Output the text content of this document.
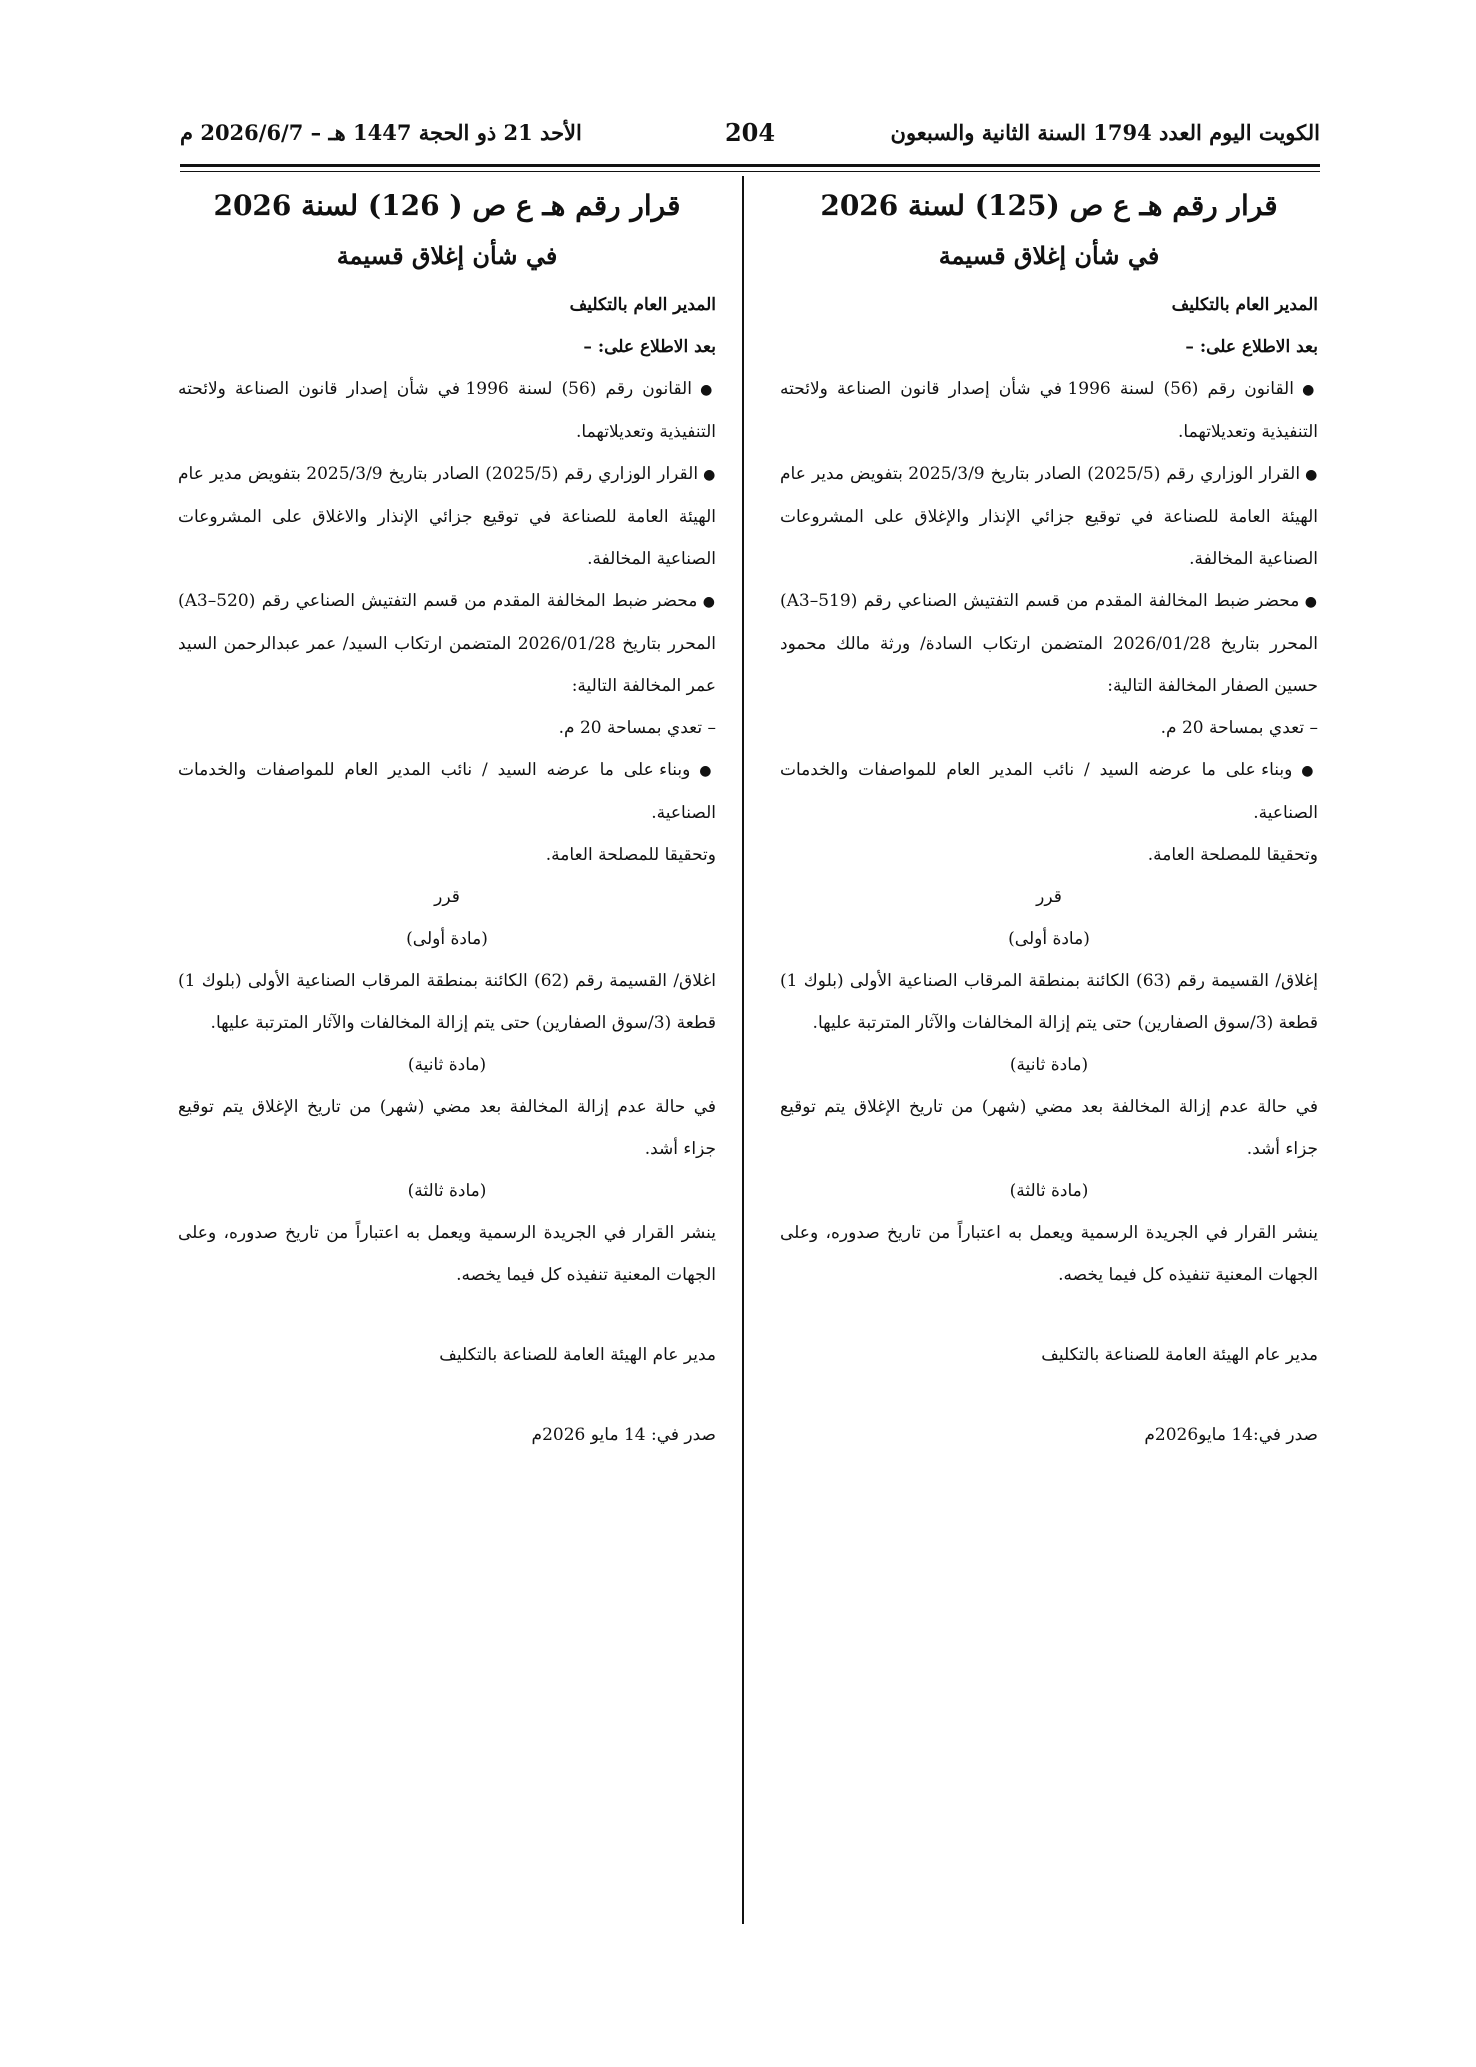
الكويت اليوم العدد 1794 السنة الثانية والسبعون
204
الأحد 21 ذو الحجة 1447 هـ – 2026/6/7 م
قرار رقم هـ ع ص (125) لسنة 2026
في شأن إغلاق قسيمة
المدير العام بالتكليف
بعد الاطلاع على: –
● القانون رقم (56) لسنة 1996 في شأن إصدار قانون الصناعة ولائحته التنفيذية وتعديلاتهما.
● القرار الوزاري رقم (2025/5) الصادر بتاريخ 2025/3/9 بتفويض مدير عام الهيئة العامة للصناعة في توقيع جزائي الإنذار والإغلاق على المشروعات الصناعية المخالفة.
● محضر ضبط المخالفة المقدم من قسم التفتيش الصناعي رقم (A3–519) المحرر بتاريخ 2026/01/28 المتضمن ارتكاب السادة/ ورثة مالك محمود حسين الصفار المخالفة التالية:
– تعدي بمساحة 20 م.
● وبناء على ما عرضه السيد / نائب المدير العام للمواصفات والخدمات الصناعية.
وتحقيقا للمصلحة العامة.
قرر
(مادة أولى)
إغلاق/ القسيمة رقم (63) الكائنة بمنطقة المرقاب الصناعية الأولى (بلوك 1) قطعة (3/سوق الصفارين) حتى يتم إزالة المخالفات والآثار المترتبة عليها.
(مادة ثانية)
في حالة عدم إزالة المخالفة بعد مضي (شهر) من تاريخ الإغلاق يتم توقيع جزاء أشد.
(مادة ثالثة)
ينشر القرار في الجريدة الرسمية ويعمل به اعتباراً من تاريخ صدوره، وعلى الجهات المعنية تنفيذه كل فيما يخصه.
مدير عام الهيئة العامة للصناعة بالتكليف
صدر في:14 مايو2026م
قرار رقم هـ ع ص ( 126) لسنة 2026
في شأن إغلاق قسيمة
المدير العام بالتكليف
بعد الاطلاع على: –
● القانون رقم (56) لسنة 1996 في شأن إصدار قانون الصناعة ولائحته التنفيذية وتعديلاتهما.
● القرار الوزاري رقم (2025/5) الصادر بتاريخ 2025/3/9 بتفويض مدير عام الهيئة العامة للصناعة في توقيع جزائي الإنذار والاغلاق على المشروعات الصناعية المخالفة.
● محضر ضبط المخالفة المقدم من قسم التفتيش الصناعي رقم (A3–520) المحرر بتاريخ 2026/01/28 المتضمن ارتكاب السيد/ عمر عبدالرحمن السيد عمر المخالفة التالية:
– تعدي بمساحة 20 م.
● وبناء على ما عرضه السيد / نائب المدير العام للمواصفات والخدمات الصناعية.
وتحقيقا للمصلحة العامة.
قرر
(مادة أولى)
اغلاق/ القسيمة رقم (62) الكائنة بمنطقة المرقاب الصناعية الأولى (بلوك 1) قطعة (3/سوق الصفارين) حتى يتم إزالة المخالفات والآثار المترتبة عليها.
(مادة ثانية)
في حالة عدم إزالة المخالفة بعد مضي (شهر) من تاريخ الإغلاق يتم توقيع جزاء أشد.
(مادة ثالثة)
ينشر القرار في الجريدة الرسمية ويعمل به اعتباراً من تاريخ صدوره، وعلى الجهات المعنية تنفيذه كل فيما يخصه.
مدير عام الهيئة العامة للصناعة بالتكليف
صدر في: 14 مايو 2026م
